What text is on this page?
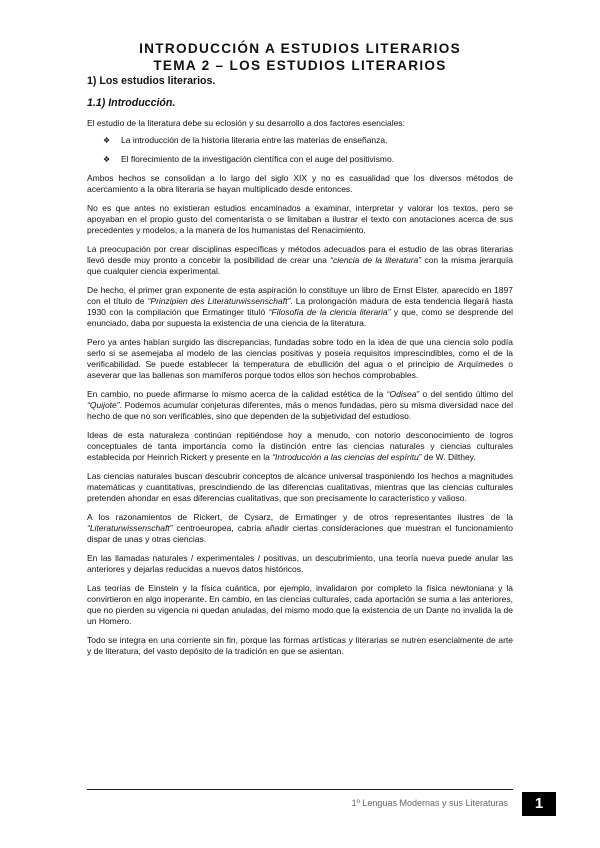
INTRODUCCIÓN A ESTUDIOS LITERARIOS
TEMA 2 – LOS ESTUDIOS LITERARIOS
1) Los estudios literarios.
1.1) Introducción.

El estudio de la literatura debe su eclosión y su desarrollo a dos factores esenciales:

❖ La introducción de la historia literaria entre las materias de enseñanza.
❖ El florecimiento de la investigación científica con el auge del positivismo.

Ambos hechos se consolidan a lo largo del siglo XIX y no es casualidad que los diversos métodos de acercamiento a la obra literaria se hayan multiplicado desde entonces.

No es que antes no existieran estudios encaminados a examinar, interpretar y valorar los textos, pero se apoyaban en el propio gusto del comentarista o se limitaban a ilustrar el texto con anotaciones acerca de sus precedentes y modelos, a la manera de los humanistas del Renacimiento.

La preocupación por crear disciplinas específicas y métodos adecuados para el estudio de las obras literarias llevó desde muy pronto a concebir la posibilidad de crear una “ciencia de la literatura” con la misma jerarquía que cualquier ciencia experimental.

De hecho, el primer gran exponente de esta aspiración lo constituye un libro de Ernst Elster, aparecido en 1897 con el título de “Prinzipien des Literaturwissenschaft”. La prolongación madura de esta tendencia llegará hasta 1930 con la compilación que Ermatinger tituló “Filosofía de la ciencia literaria” y que, como se desprende del enunciado, daba por supuesta la existencia de una ciencia de la literatura.

Pero ya antes habían surgido las discrepancias, fundadas sobre todo en la idea de que una ciencia solo podía serlo si se asemejaba al modelo de las ciencias positivas y poseía requisitos imprescindibles, como el de la verificabilidad. Se puede establecer la temperatura de ebullición del agua o el principio de Arquímedes o aseverar que las ballenas son mamíferos porque todos ellos son hechos comprobables.

En cambio, no puede afirmarse lo mismo acerca de la calidad estética de la “Odisea” o del sentido último del “Quijote”. Podemos acumular conjeturas diferentes, más o menos fundadas, pero su misma diversidad nace del hecho de que no son verificables, sino que dependen de la subjetividad del estudioso.

Ideas de esta naturaleza continúan repitiéndose hoy a menudo, con notorio desconocimiento de logros conceptuales de tanta importancia como la distinción entre las ciencias naturales y ciencias culturales establecida por Heinrich Rickert y presente en la “Introducción a las ciencias del espíritu” de W. Dilthey.

Las ciencias naturales buscan descubrir conceptos de alcance universal trasponiendo los hechos a magnitudes matemáticas y cuantitativas, prescindiendo de las diferencias cualitativas, mientras que las ciencias culturales pretenden ahondar en esas diferencias cualitativas, que son precisamente lo característico y valioso.

A los razonamientos de Rickert, de Cysarz, de Ermatinger y de otros representantes ilustres de la “Literaturwissenschaft” centroeuropea, cabría añadir ciertas consideraciones que muestran el funcionamiento dispar de unas y otras ciencias.

En las llamadas naturales / experimentales / positivas, un descubrimiento, una teoría nueva puede anular las anteriores y dejarlas reducidas a nuevos datos históricos.

Las teorías de Einstein y la física cuántica, por ejemplo, invalidaron por completo la física newtoniana y la convirtieron en algo inoperante. En cambio, en las ciencias culturales, cada aportación se suma a las anteriores, que no pierden su vigencia ni quedan anuladas, del mismo modo que la existencia de un Dante no invalida la de un Homero.

Todo se integra en una corriente sin fin, porque las formas artísticas y literarias se nutren esencialmente de arte y de literatura, del vasto depósito de la tradición en que se asientan.

1º Lenguas Modernas y sus Literaturas	1
